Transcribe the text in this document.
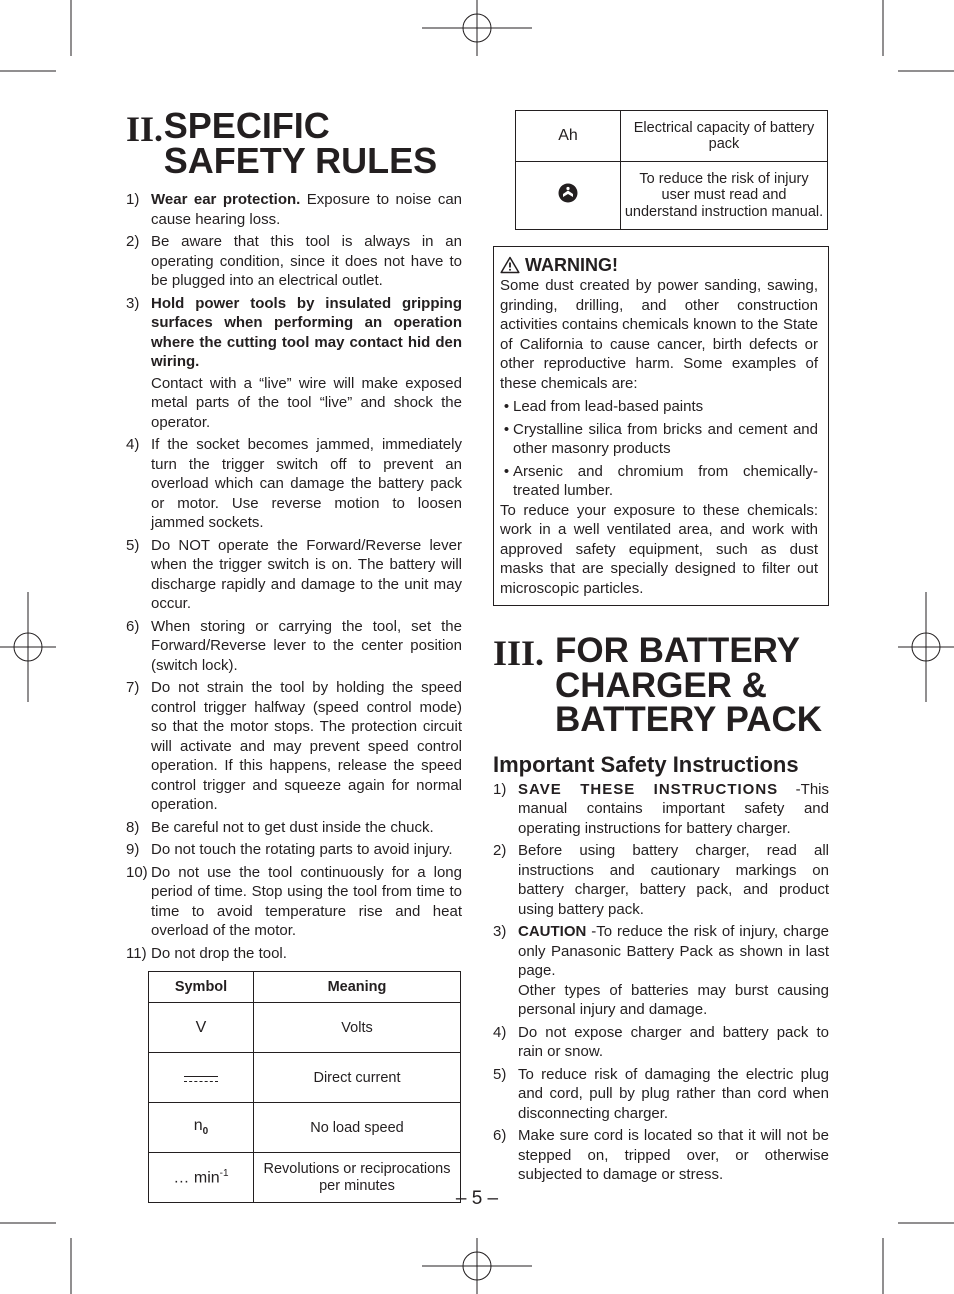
II. SPECIFIC
SAFETY RULES
1) Wear ear protection. Exposure to noise can cause hearing loss.
2) Be aware that this tool is always in an operating condition, since it does not have to be plugged into an electrical outlet.
3) Hold power tools by insulated gripping surfaces when performing an operation where the cutting tool may contact hid den wiring.

Contact with a “live” wire will make exposed metal parts of the tool “live” and shock the operator.

4) If the socket becomes jammed, immediately turn the trigger switch off to prevent an overload which can damage the battery pack or motor. Use reverse motion to loosen jammed sockets.
5) Do NOT operate the Forward/Reverse lever when the trigger switch is on. The battery will discharge rapidly and damage to the unit may occur.
6) When storing or carrying the tool, set the Forward/Reverse lever to the center position (switch lock).
7) Do not strain the tool by holding the speed control trigger halfway (speed control mode) so that the motor stops. The protection circuit will activate and may prevent speed control operation. If this happens, release the speed control trigger and squeeze again for normal operation.
8) Be careful not to get dust inside the chuck.
9) Do not touch the rotating parts to avoid injury.
10) Do not use the tool continuously for a long period of time. Stop using the tool from time to time to avoid temperature rise and heat overload of the motor.
11) Do not drop the tool.
Symbol	Meaning
V	Volts

	Direct current
$n_0$	No load speed
… $\min^{-1}$	Revolutions or reciprocations per minutes
Ah	Electrical capacity of battery pack
	To reduce the risk of injury user must read and understand instruction manual.
WARNING!

Some dust created by power sanding, sawing, grinding, drilling, and other construction activities contains chemicals known to the State of California to cause cancer, birth defects or other reproductive harm. Some examples of these chemicals are:

• Lead from lead-based paints
• Crystalline silica from bricks and cement and other masonry products
• Arsenic and chromium from chemically-treated lumber.

To reduce your exposure to these chemicals: work in a well ventilated area, and work with approved safety equipment, such as dust masks that are specially designed to filter out microscopic particles.

III. FOR BATTERY
CHARGER &
BATTERY PACK
Important Safety Instructions
1) SAVE THESE INSTRUCTIONS -This manual contains important safety and operating instructions for battery charger.
2) Before using battery charger, read all instructions and cautionary markings on battery charger, battery pack, and product using battery pack.
3) CAUTION -To reduce the risk of injury, charge only Panasonic Battery Pack as shown in last page.

Other types of batteries may burst causing personal injury and damage.

4) Do not expose charger and battery pack to rain or snow.
5) To reduce risk of damaging the electric plug and cord, pull by plug rather than cord when disconnecting charger.
6) Make sure cord is located so that it will not be stepped on, tripped over, or otherwise subjected to damage or stress.
– 5 –
